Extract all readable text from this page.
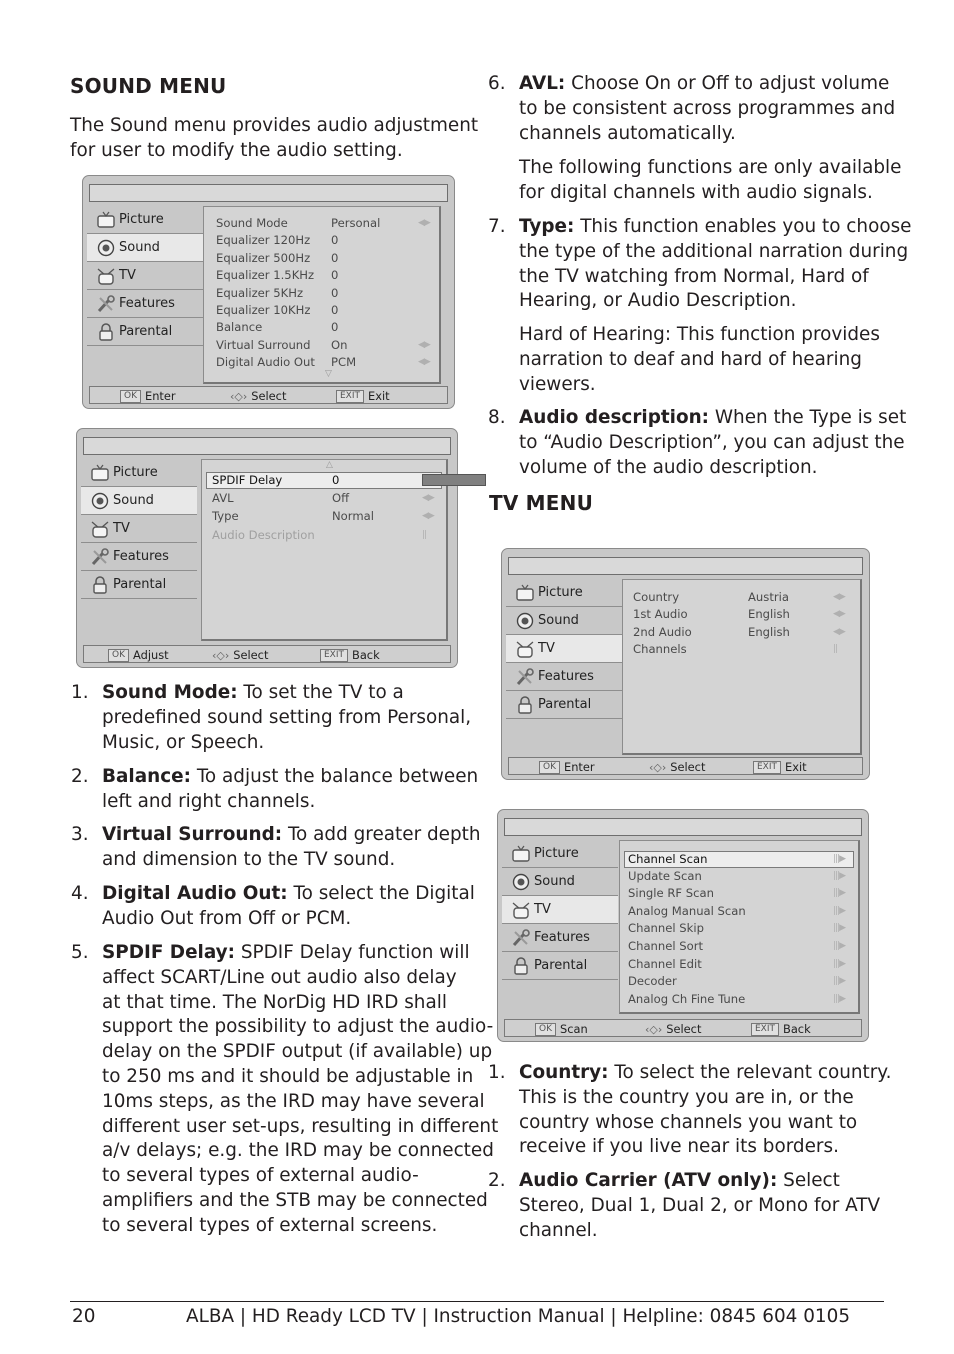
SOUND MENU
The Sound menu provides audio adjustment
for user to modify the audio setting.
Picture
Sound
TV
Features
Parental
Sound Mode	Personal	◀▶
Equalizer 120Hz 0
Equalizer 500Hz 0
Equalizer 1.5KHz 0
Equalizer 5KHz 0
Equalizer 10KHz 0
Balance	0
Virtual Surround On	◀▶
Digital Audio Out PCM	◀▶
▽
OK Enter	‹◇› Select	EXIT Exit
Picture
Sound
TV
Features
Parental
△
SPDIF Delay	0
AVL	Off	◀▶
Type	Normal	◀▶
Audio Description	||
OK Adjust	‹◇› Select	EXIT Back
1. Sound Mode: To set the TV to a
predefined sound setting from Personal,
Music, or Speech.
2. Balance: To adjust the balance between
left and right channels.
3. Virtual Surround: To add greater depth
and dimension to the TV sound.
4. Digital Audio Out: To select the Digital
Audio Out from Off or PCM.
5. SPDIF Delay: SPDIF Delay function will
affect SCART/Line out audio also delay
at that time. The NorDig HD IRD shall
support the possibility to adjust the audio-
delay on the SPDIF output (if available) up
to 250 ms and it should be adjustable in
10ms steps, as the IRD may have several
different user set-ups, resulting in different
a/v delays; e.g. the IRD may be connected
to several types of external audio-
amplifiers and the STB may be connected
to several types of external screens.
6. AVL: Choose On or Off to adjust volume
to be consistent across programmes and
channels automatically.
The following functions are only available
for digital channels with audio signals.
7. Type: This function enables you to choose
the type of the additional narration during
the TV watching from Normal, Hard of
Hearing, or Audio Description.
Hard of Hearing: This function provides
narration to deaf and hard of hearing
viewers.
8. Audio description: When the Type is set
to “Audio Description”, you can adjust the
volume of the audio description.
TV MENU
Picture
Sound
TV
Features
Parental
Country	Austria	◀▶
1st Audio	English	◀▶
2nd Audio	English	◀▶
Channels	||
OK Enter	‹◇› Select	EXIT Exit
Picture
Sound
TV
Features
Parental
Channel Scan	|||▶
Update Scan	|||▶
Single RF Scan	|||▶
Analog Manual Scan	|||▶
Channel Skip	|||▶
Channel Sort	|||▶
Channel Edit	|||▶
Decoder	|||▶
Analog Ch Fine Tune	|||▶
OK Scan	‹◇› Select	EXIT Back
1. Country: To select the relevant country.
This is the country you are in, or the
country whose channels you want to
receive if you live near its borders.
2. Audio Carrier (ATV only): Select
Stereo, Dual 1, Dual 2, or Mono for ATV
channel.
20	ALBA | HD Ready LCD TV | Instruction Manual | Helpline: 0845 604 0105
